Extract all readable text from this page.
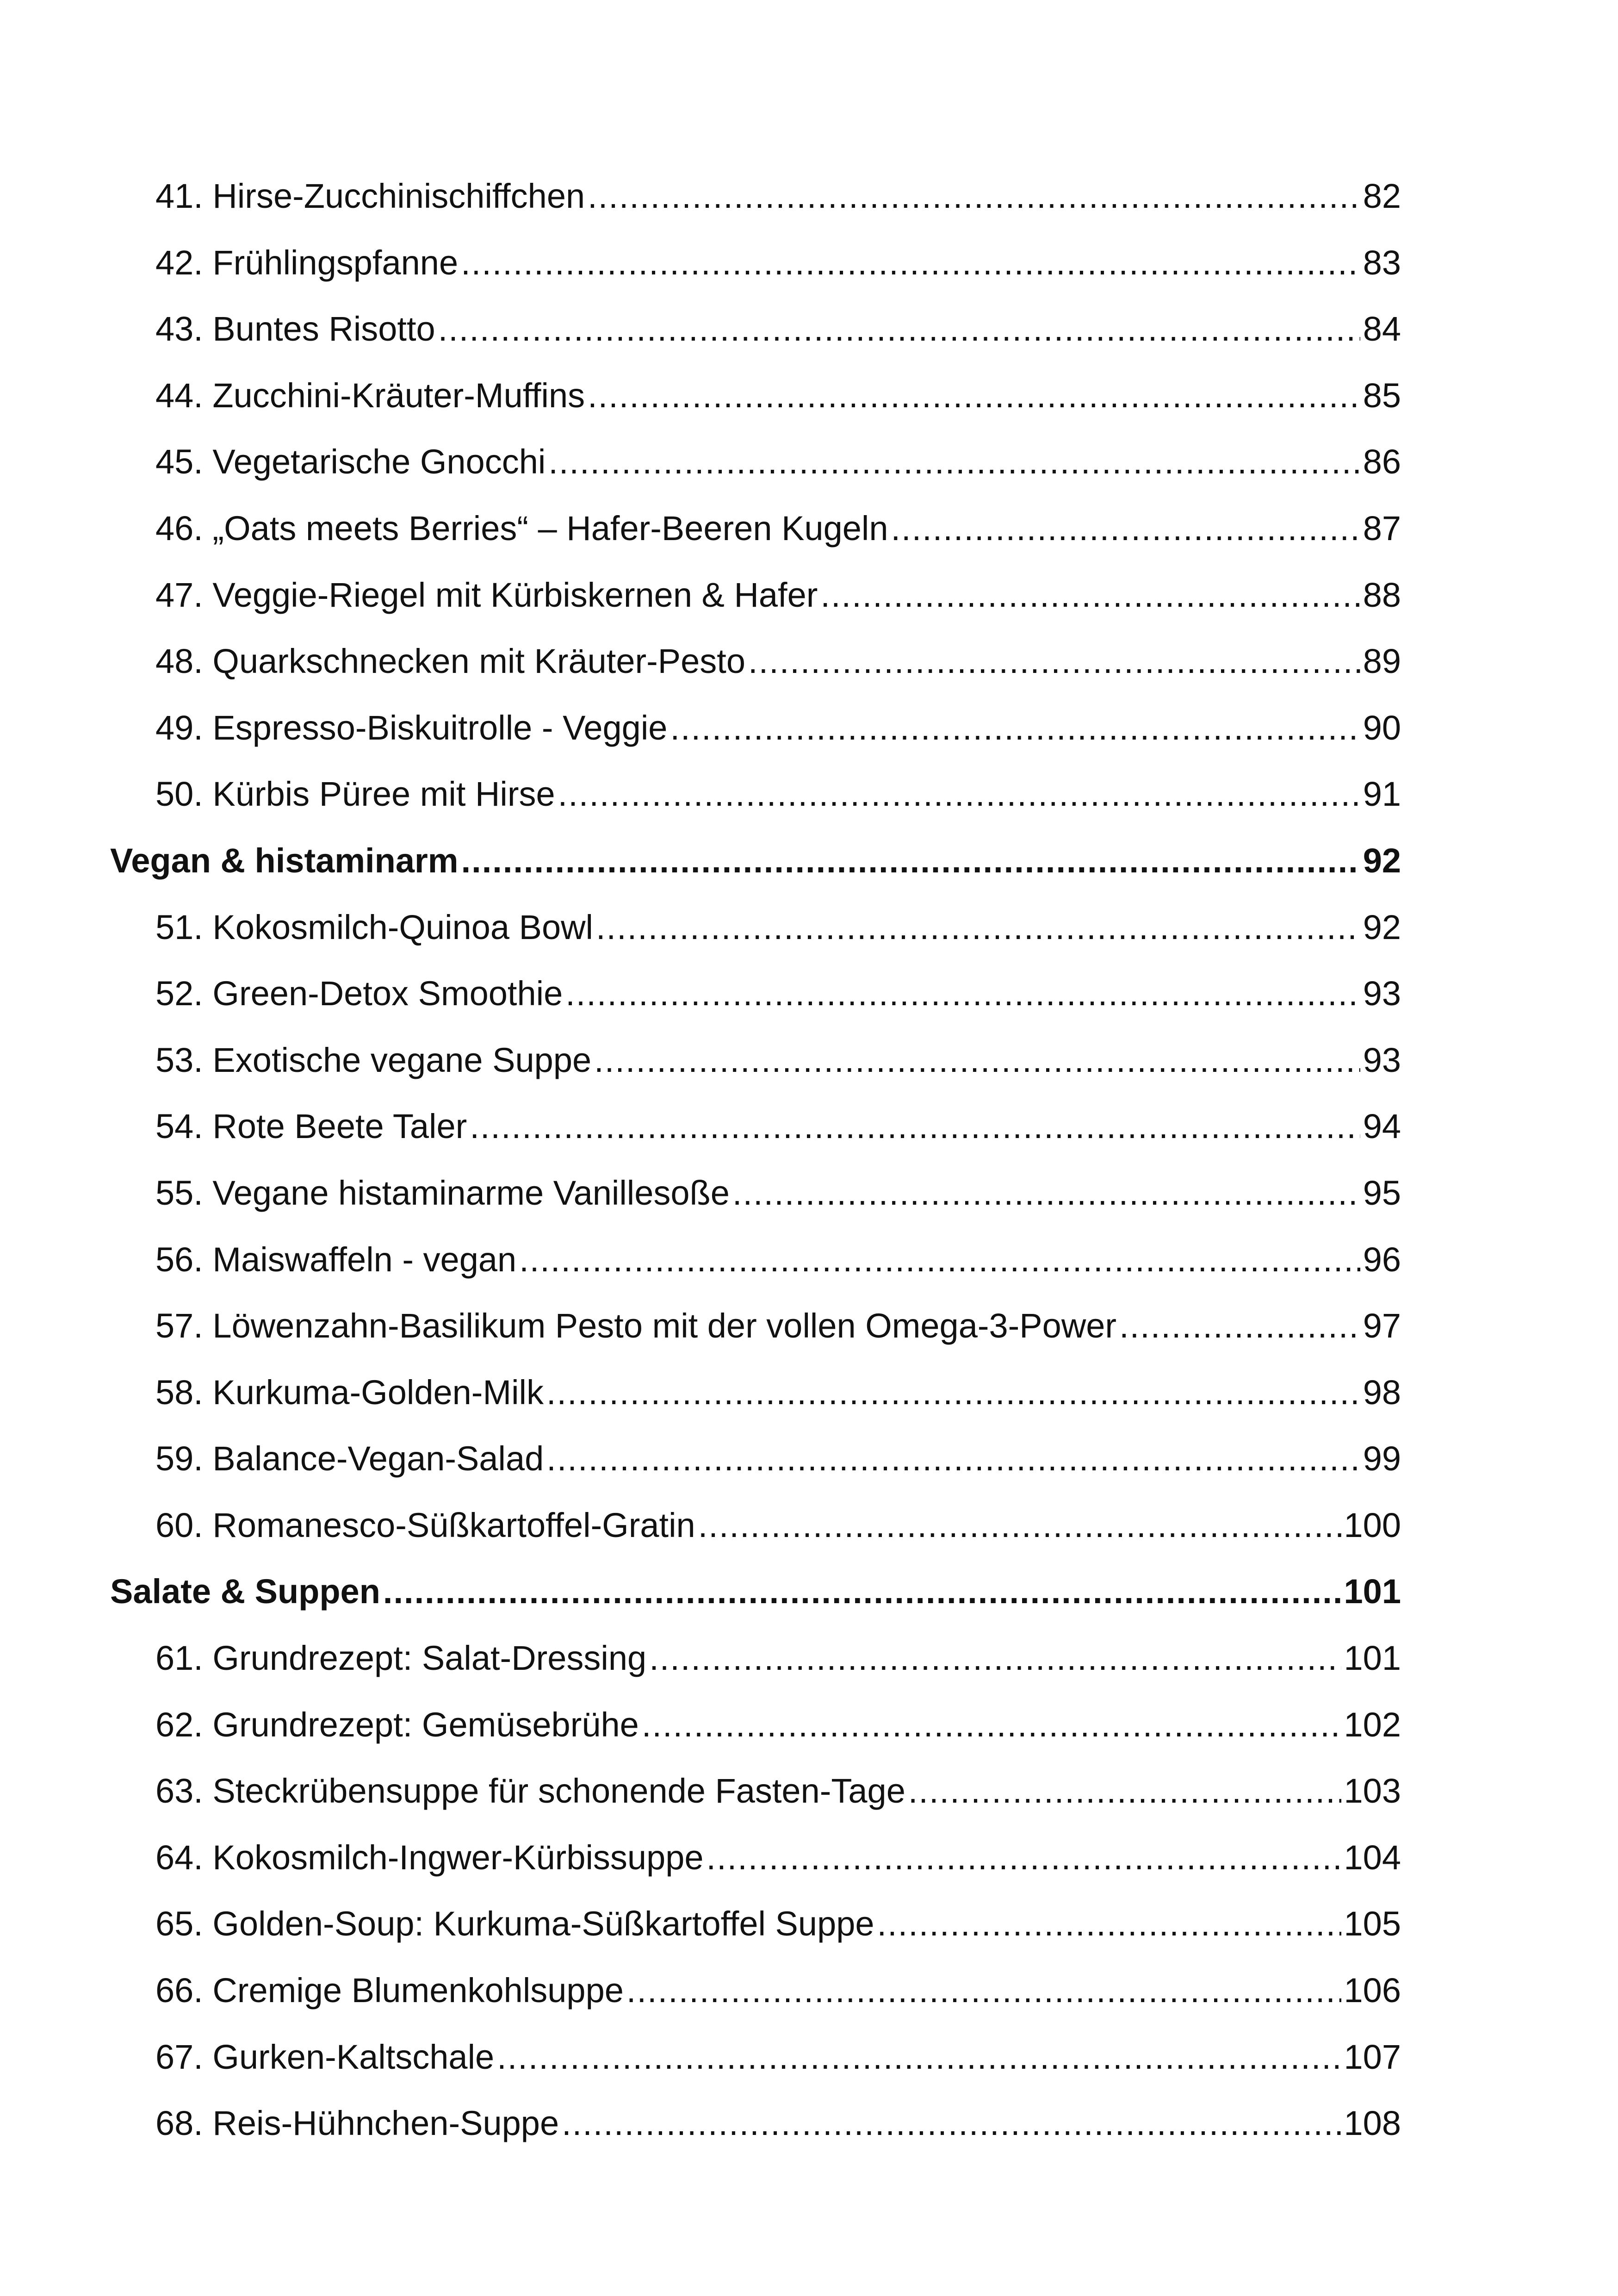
41. Hirse-Zucchinischiffchen .....	82
42. Frühlingspfanne .....	83
43. Buntes Risotto .....	84
44. Zucchini-Kräuter-Muffins .....	85
45. Vegetarische Gnocchi .....	86
46. „Oats meets Berries“ – Hafer-Beeren Kugeln .....	87
47. Veggie-Riegel mit Kürbiskernen & Hafer .....	88
48. Quarkschnecken mit Kräuter-Pesto .....	89
49. Espresso-Biskuitrolle - Veggie .....	90
50. Kürbis Püree mit Hirse .....	91
Vegan & histaminarm .....	92
51. Kokosmilch-Quinoa Bowl .....	92
52. Green-Detox Smoothie .....	93
53. Exotische vegane Suppe .....	93
54. Rote Beete Taler .....	94
55. Vegane histaminarme Vanillesoße .....	95
56. Maiswaffeln - vegan .....	96
57. Löwenzahn-Basilikum Pesto mit der vollen Omega-3-Power .....	97
58. Kurkuma-Golden-Milk .....	98
59. Balance-Vegan-Salad .....	99
60. Romanesco-Süßkartoffel-Gratin .....	100
Salate & Suppen .....	101
61. Grundrezept: Salat-Dressing .....	101
62. Grundrezept: Gemüsebrühe .....	102
63. Steckrübensuppe für schonende Fasten-Tage .....	103
64. Kokosmilch-Ingwer-Kürbissuppe .....	104
65. Golden-Soup: Kurkuma-Süßkartoffel Suppe .....	105
66. Cremige Blumenkohlsuppe .....	106
67. Gurken-Kaltschale .....	107
68. Reis-Hühnchen-Suppe .....	108
